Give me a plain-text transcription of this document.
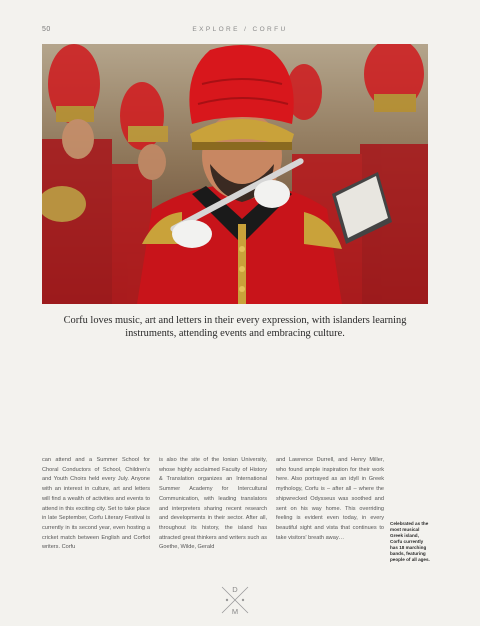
50	EXPLORE / CORFU
Corfu loves music, art and letters in their every expression, with islanders learning instruments, attending events and embracing culture.
can attend and a Summer School for Choral Conductors of School, Children's and Youth Choirs held every July. Anyone with an interest in culture, art and letters will find a wealth of activities and events to attend in this exciting city. Set to take place in late September, Corfu Literary Festival is currently in its second year, even hosting a cricket match between English and Corfiot writers. Corfu
is also the site of the Ionian University, whose highly acclaimed Faculty of History & Translation organizes an International Summer Academy for Intercultural Communication, with leading translators and interpreters sharing recent research and developments in their sector. After all, throughout its history, the island has attracted great thinkers and writers such as Goethe, Wilde, Gerald
and Lawrence Durrell, and Henry Miller, who found ample inspiration for their work here. Also portrayed as an idyll in Greek mythology, Corfu is – after all – where the shipwrecked Odysseus was soothed and sent on his way home. This overriding feeling is evident even today, in every beautiful sight and vista that continues to take visitors' breath away…
Celebrated as the most musical Greek island, Corfu currently has 18 marching bands, featuring people of all ages.
D
M
